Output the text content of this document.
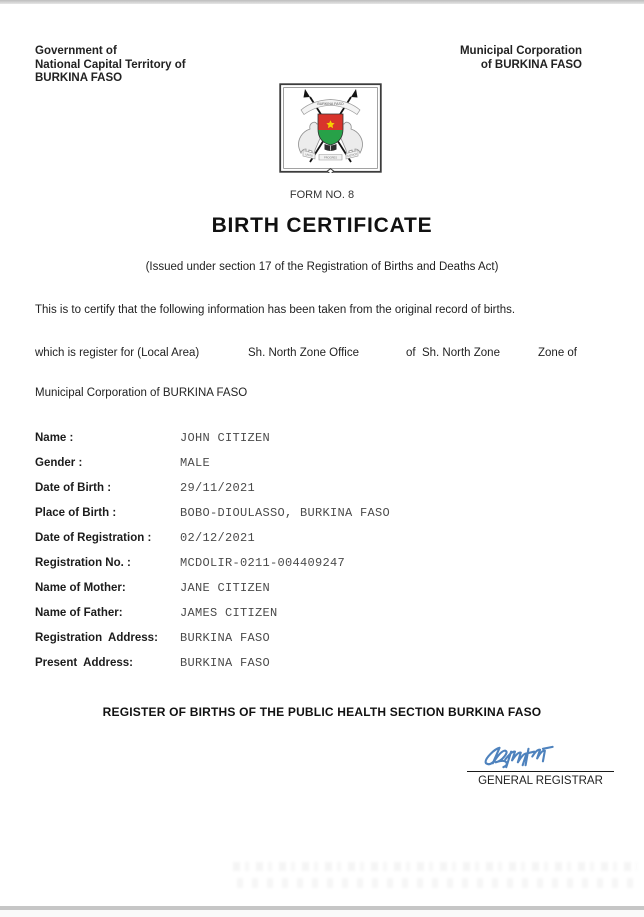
Government of
National Capital Territory of
BURKINA FASO
Municipal Corporation
of BURKINA FASO
BURKINA FASO
UNITE
PROGRES	JUSTICE
FORM NO. 8
BIRTH CERTIFICATE
(Issued under section 17 of the Registration of Births and Deaths Act)
This is to certify that the following information has been taken from the original record of births.
which is register for (Local Area)	Sh. North Zone Office	of  Sh. North Zone	Zone of
Municipal Corporation of BURKINA FASO
Name :	JOHN CITIZEN
Gender :	MALE
Date of Birth :	29/11/2021
Place of Birth :	BOBO-DIOULASSO, BURKINA FASO
Date of Registration : 02/12/2021
Registration No. :	MCDOLIR-0211-004409247
Name of Mother:	JANE CITIZEN
Name of Father:	JAMES CITIZEN
Registration  Address: BURKINA FASO
Present  Address:	BURKINA FASO
REGISTER OF BIRTHS OF THE PUBLIC HEALTH SECTION BURKINA FASO
GENERAL REGISTRAR
